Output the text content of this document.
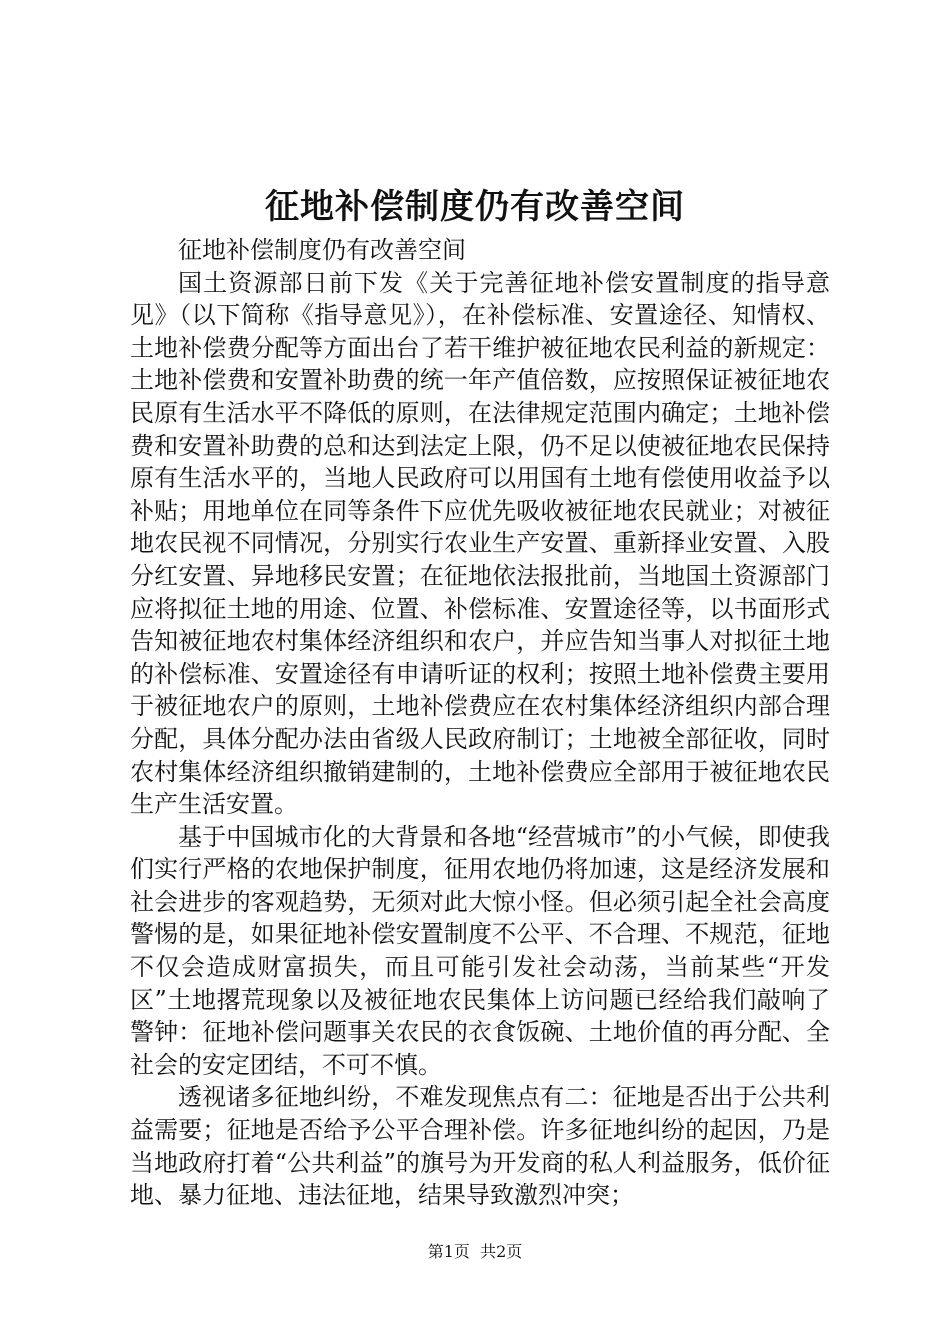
征地补偿制度仍有改善空间

征地补偿制度仍有改善空间

国土资源部日前下发《关于完善征地补偿安置制度的指导意见》（以下简称《指导意见》），在补偿标准、安置途径、知情权、土地补偿费分配等方面出台了若干维护被征地农民利益的新规定：土地补偿费和安置补助费的统一年产值倍数，应按照保证被征地农民原有生活水平不降低的原则，在法律规定范围内确定；土地补偿费和安置补助费的总和达到法定上限，仍不足以使被征地农民保持原有生活水平的，当地人民政府可以用国有土地有偿使用收益予以补贴；用地单位在同等条件下应优先吸收被征地农民就业；对被征地农民视不同情况，分别实行农业生产安置、重新择业安置、入股分红安置、异地移民安置；在征地依法报批前，当地国土资源部门应将拟征土地的用途、位置、补偿标准、安置途径等，以书面形式告知被征地农村集体经济组织和农户，并应告知当事人对拟征土地的补偿标准、安置途径有申请听证的权利；按照土地补偿费主要用于被征地农户的原则，土地补偿费应在农村集体经济组织内部合理分配，具体分配办法由省级人民政府制订；土地被全部征收，同时农村集体经济组织撤销建制的，土地补偿费应全部用于被征地农民生产生活安置。

基于中国城市化的大背景和各地“经营城市”的小气候，即使我们实行严格的农地保护制度，征用农地仍将加速，这是经济发展和社会进步的客观趋势，无须对此大惊小怪。但必须引起全社会高度警惕的是，如果征地补偿安置制度不公平、不合理、不规范，征地不仅会造成财富损失，而且可能引发社会动荡，当前某些“开发区”土地撂荒现象以及被征地农民集体上访问题已经给我们敲响了警钟：征地补偿问题事关农民的衣食饭碗、土地价值的再分配、全社会的安定团结，不可不慎。

透视诸多征地纠纷，不难发现焦点有二：征地是否出于公共利益需要；征地是否给予公平合理补偿。许多征地纠纷的起因，乃是当地政府打着“公共利益”的旗号为开发商的私人利益服务，低价征地、暴力征地、违法征地，结果导致激烈冲突；

第1页  共2页
